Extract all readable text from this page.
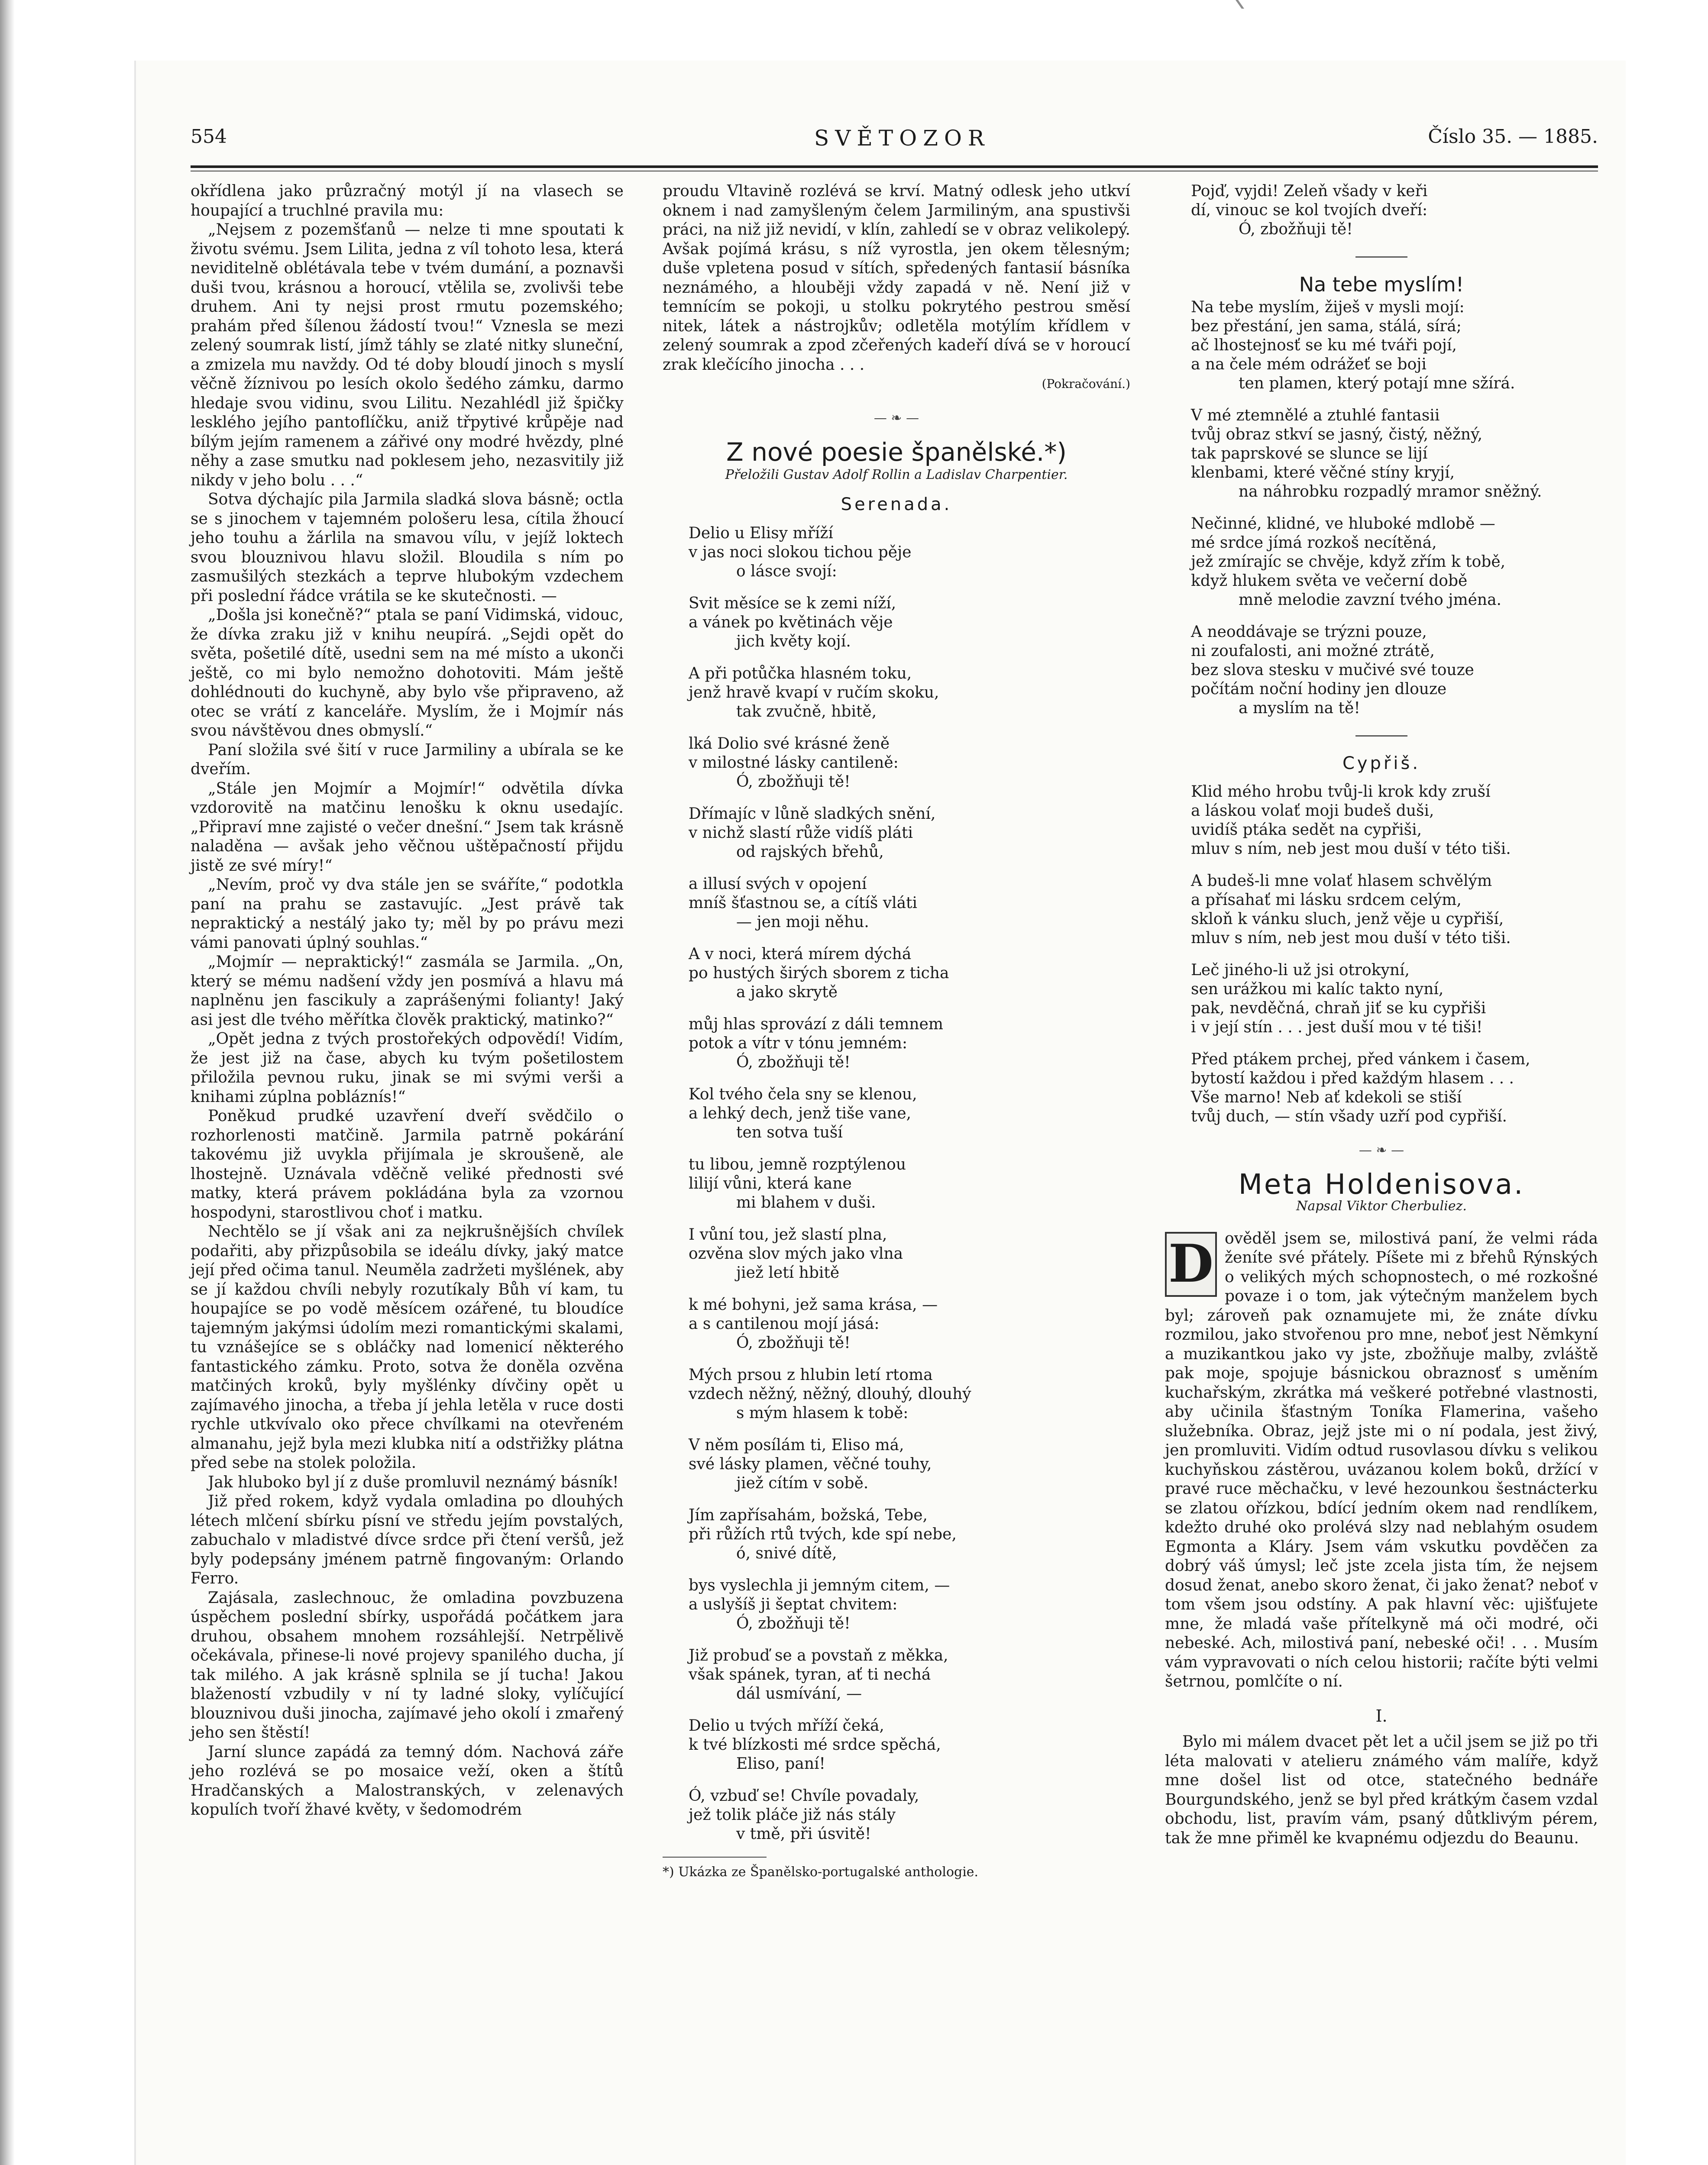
554	SVĚTOZOR	Číslo 35. — 1885.

okřídlena jako průzračný motýl jí na vlasech se houpající a truchlné pravila mu:

„Nejsem z pozemšťanů — nelze ti mne spoutati k životu svému. Jsem Lilita, jedna z víl tohoto lesa, která neviditelně oblétávala tebe v tvém dumání, a poznavši duši tvou, krásnou a horoucí, vtělila se, zvolivši tebe druhem. Ani ty nejsi prost rmutu pozemského; prahám před šílenou žádostí tvou!“ Vznesla se mezi zelený soumrak listí, jímž táhly se zlaté nitky sluneční, a zmizela mu navždy. Od té doby bloudí jinoch s myslí věčně žíznivou po lesích okolo šedého zámku, darmo hledaje svou vidinu, svou Lilitu. Nezahlédl již špičky lesklého jejího pantoflíčku, aniž třpytivé krůpěje nad bílým jejím ramenem a zářivé ony modré hvězdy, plné něhy a zase smutku nad poklesem jeho, nezasvitily již nikdy v jeho bolu . . .“

Sotva dýchajíc pila Jarmila sladká slova básně; octla se s jinochem v tajemném pološeru lesa, cítila žhoucí jeho touhu a žárlila na smavou vílu, v jejíž loktech svou blouznivou hlavu složil. Bloudila s ním po zasmušilých stezkách a teprve hlubokým vzdechem při poslední řádce vrátila se ke skutečnosti. —

„Došla jsi konečně?“ ptala se paní Vidimská, vidouc, že dívka zraku již v knihu neupírá. „Sejdi opět do světa, pošetilé dítě, usedni sem na mé místo a ukonči ještě, co mi bylo nemožno dohotoviti. Mám ještě dohlédnouti do kuchyně, aby bylo vše připraveno, až otec se vrátí z kanceláře. Myslím, že i Mojmír nás svou návštěvou dnes obmyslí.“

Paní složila své šití v ruce Jarmiliny a ubírala se ke dveřím.

„Stále jen Mojmír a Mojmír!“ odvětila dívka vzdorovitě na matčinu lenošku k oknu usedajíc. „Připraví mne zajisté o večer dnešní.“ Jsem tak krásně naladěna — avšak jeho věčnou uštěpačností přijdu jistě ze své míry!“

„Nevím, proč vy dva stále jen se sváříte,“ podotkla paní na prahu se zastavujíc. „Jest právě tak nepraktický a nestálý jako ty; měl by po právu mezi vámi panovati úplný souhlas.“

„Mojmír — nepraktický!“ zasmála se Jarmila. „On, který se mému nadšení vždy jen posmívá a hlavu má naplněnu jen fascikuly a zaprášenými folianty! Jaký asi jest dle tvého měřítka člověk praktický, matinko?“

„Opět jedna z tvých prostořekých odpovědí! Vidím, že jest již na čase, abych ku tvým pošetilostem přiložila pevnou ruku, jinak se mi svými verši a knihami zúplna pobláznís!“

Poněkud prudké uzavření dveří svědčilo o rozhorlenosti matčině. Jarmila patrně pokárání takovému již uvykla přijímala je skroušeně, ale lhostejně. Uznávala vděčně veliké přednosti své matky, která právem pokládána byla za vzornou hospodyni, starostlivou choť i matku.

Nechtělo se jí však ani za nejkrušnějších chvílek podařiti, aby přizpůsobila se ideálu dívky, jaký matce její před očima tanul. Neuměla zadržeti myšlének, aby se jí každou chvíli nebyly rozutíkaly Bůh ví kam, tu houpajíce se po vodě měsícem ozářené, tu bloudíce tajemným jakýmsi údolím mezi romantickými skalami, tu vznášejíce se s obláčky nad lomenicí některého fantastického zámku. Proto, sotva že doněla ozvěna matčiných kroků, byly myšlénky dívčiny opět u zajímavého jinocha, a třeba jí jehla letěla v ruce dosti rychle utkvívalo oko přece chvílkami na otevřeném almanahu, jejž byla mezi klubka nití a odstřižky plátna před sebe na stolek položila.

Jak hluboko byl jí z duše promluvil neznámý básník!

Již před rokem, když vydala omladina po dlouhých létech mlčení sbírku písní ve středu jejím povstalých, zabuchalo v mladistvé dívce srdce při čtení veršů, jež byly podepsány jménem patrně fingovaným: Orlando Ferro.

Zajásala, zaslechnouc, že omladina povzbuzena úspěchem poslední sbírky, uspořádá počátkem jara druhou, obsahem mnohem rozsáhlejší. Netrpělivě očekávala, přinese-li nové projevy spanilého ducha, jí tak milého. A jak krásně splnila se jí tucha! Jakou blažeností vzbudily v ní ty ladné sloky, vylíčující blouznivou duši jinocha, zajímavé jeho okolí i zmařený jeho sen štěstí!

Jarní slunce zapádá za temný dóm. Nachová záře jeho rozlévá se po mosaice veží, oken a štítů Hradčanských a Malostranských, v zelenavých kopulích tvoří žhavé květy, v šedomodrém

proudu Vltavině rozlévá se krví. Matný odlesk jeho utkví oknem i nad zamyšleným čelem Jarmiliným, ana spustivši práci, na niž již nevidí, v klín, zahledí se v obraz velikolepý. Avšak pojímá krásu, s níž vyrostla, jen okem tělesným; duše vpletena posud v sítích, spředených fantasií básníka neznámého, a hlouběji vždy zapadá v ně. Není již v temnícím se pokoji, u stolku pokrytého pestrou směsí nitek, látek a nástrojkův; odletěla motýlím křídlem v zelený soumrak a zpod zčeřených kadeří dívá se v horoucí zrak klečícího jinocha . . .

(Pokračování.)
— ❧ —
Z nové poesie španělské.*)
Přeložili Gustav Adolf Rollin a Ladislav Charpentier.
Serenada.
Delio u Elisy mříží
v jas noci slokou tichou pěje
o lásce svojí:
Svit měsíce se k zemi níží,
a vánek po květinách věje
jich květy kojí.
A při potůčka hlasném toku,
jenž hravě kvapí v ručím skoku,
tak zvučně, hbitě,
lká Dolio své krásné ženě
v milostné lásky cantileně:
Ó, zbožňuji tě!
Dřímajíc v lůně sladkých snění,
v nichž slastí růže vidíš pláti
od rajských břehů,
a illusí svých v opojení
mníš šťastnou se, a cítíš vláti
— jen moji něhu.
A v noci, která mírem dýchá
po hustých širých sborem z ticha
a jako skrytě
můj hlas sprovází z dáli temnem
potok a vítr v tónu jemném:
Ó, zbožňuji tě!
Kol tvého čela sny se klenou,
a lehký dech, jenž tiše vane,
ten sotva tuší
tu libou, jemně rozptýlenou
lilijí vůni, která kane
mi blahem v duši.
I vůní tou, jež slastí plna,
ozvěna slov mých jako vlna
jiež letí hbitě
k mé bohyni, jež sama krása, —
a s cantilenou mojí jásá:
Ó, zbožňuji tě!
Mých prsou z hlubin letí rtoma
vzdech něžný, něžný, dlouhý, dlouhý
s mým hlasem k tobě:
V něm posílám ti, Eliso má,
své lásky plamen, věčné touhy,
jiež cítím v sobě.
Jím zapřísahám, božská, Tebe,
při růžích rtů tvých, kde spí nebe,
ó, snivé dítě,
bys vyslechla ji jemným citem, —
a uslyšíš ji šeptat chvitem:
Ó, zbožňuji tě!
Již probuď se a povstaň z měkka,
však spánek, tyran, ať ti nechá
dál usmívání, —
Delio u tvých mříží čeká,
k tvé blízkosti mé srdce spěchá,
Eliso, paní!
Ó, vzbuď se! Chvíle povadaly,
jež tolik pláče již nás stály
v tmě, při úsvitě!
*) Ukázka ze Španělsko-portugalské anthologie.
Pojď, vyjdi! Zeleň všady v keři
dí, vinouc se kol tvojích dveří:
Ó, zbožňuji tě!
Na tebe myslím!
Na tebe myslím, žiješ v mysli mojí:
bez přestání, jen sama, stálá, sírá;
ač lhostejnosť se ku mé tváři pojí,
a na čele mém odrážeť se boji
ten plamen, který potají mne sžírá.
V mé ztemnělé a ztuhlé fantasii
tvůj obraz stkví se jasný, čistý, něžný,
tak paprskové se slunce se lijí
klenbami, které věčné stíny kryjí,
na náhrobku rozpadlý mramor sněžný.
Nečinné, klidné, ve hluboké mdlobě —
mé srdce jímá rozkoš necítěná,
jež zmírajíc se chvěje, když zřím k tobě,
když hlukem světa ve večerní době
mně melodie zavzní tvého jména.
A neoddávaje se trýzni pouze,
ni zoufalosti, ani možné ztrátě,
bez slova stesku v mučivé své touze
počítám noční hodiny jen dlouze
a myslím na tě!
Cypřiš.
Klid mého hrobu tvůj-li krok kdy zruší
a láskou volať moji budeš duši,
uvidíš ptáka sedět na cypřiši,
mluv s ním, neb jest mou duší v této tiši.
A budeš-li mne volať hlasem schvělým
a přísahať mi lásku srdcem celým,
skloň k vánku sluch, jenž věje u cypřiší,
mluv s ním, neb jest mou duší v této tiši.
Leč jiného-li už jsi otrokyní,
sen urážkou mi kalíc takto nyní,
pak, nevděčná, chraň jiť se ku cypřiši
i v její stín . . . jest duší mou v té tiši!
Před ptákem prchej, před vánkem i časem,
bytostí každou i před každým hlasem . . .
Vše marno! Neb ať kdekoli se stiší
tvůj duch, — stín všady uzří pod cypřiší.
— ❧ —
Meta Holdenisova.
Napsal Viktor Cherbuliez.

D ověděl jsem se, milostivá paní, že velmi ráda ženíte své přátely. Píšete mi z břehů Rýnských o velikých mých schopnostech, o mé rozkošné povaze i o tom, jak výtečným manželem bych byl; zároveň pak oznamujete mi, že znáte dívku rozmilou, jako stvořenou pro mne, neboť jest Němkyní a muzikantkou jako vy jste, zbožňuje malby, zvláště pak moje, spojuje básnickou obraznosť s uměním kuchařským, zkrátka má veškeré potřebné vlastnosti, aby učinila šťastným Toníka Flamerina, vašeho služebníka. Obraz, jejž jste mi o ní podala, jest živý, jen promluviti. Vidím odtud rusovlasou dívku s velikou kuchyňskou zástěrou, uvázanou kolem boků, držící v pravé ruce měchačku, v levé hezounkou šestnácterku se zlatou ořízkou, bdící jedním okem nad rendlíkem, kdežto druhé oko prolévá slzy nad neblahým osudem Egmonta a Kláry. Jsem vám vskutku povděčen za dobrý váš úmysl; leč jste zcela jista tím, že nejsem dosud ženat, anebo skoro ženat, či jako ženat? neboť v tom všem jsou odstíny. A pak hlavní věc: ujišťujete mne, že mladá vaše přítelkyně má oči modré, oči nebeské. Ach, milostivá paní, nebeské oči! . . . Musím vám vypravovati o ních celou historii; račíte býti velmi šetrnou, pomlčíte o ní.

I.

Bylo mi málem dvacet pět let a učil jsem se již po tři léta malovati v atelieru známého vám malíře, když mne došel list od otce, statečného bednáře Bourgundského, jenž se byl před krátkým časem vzdal obchodu, list, pravím vám, psaný důtklivým pérem, tak že mne přiměl ke kvapnému odjezdu do Beaunu.
